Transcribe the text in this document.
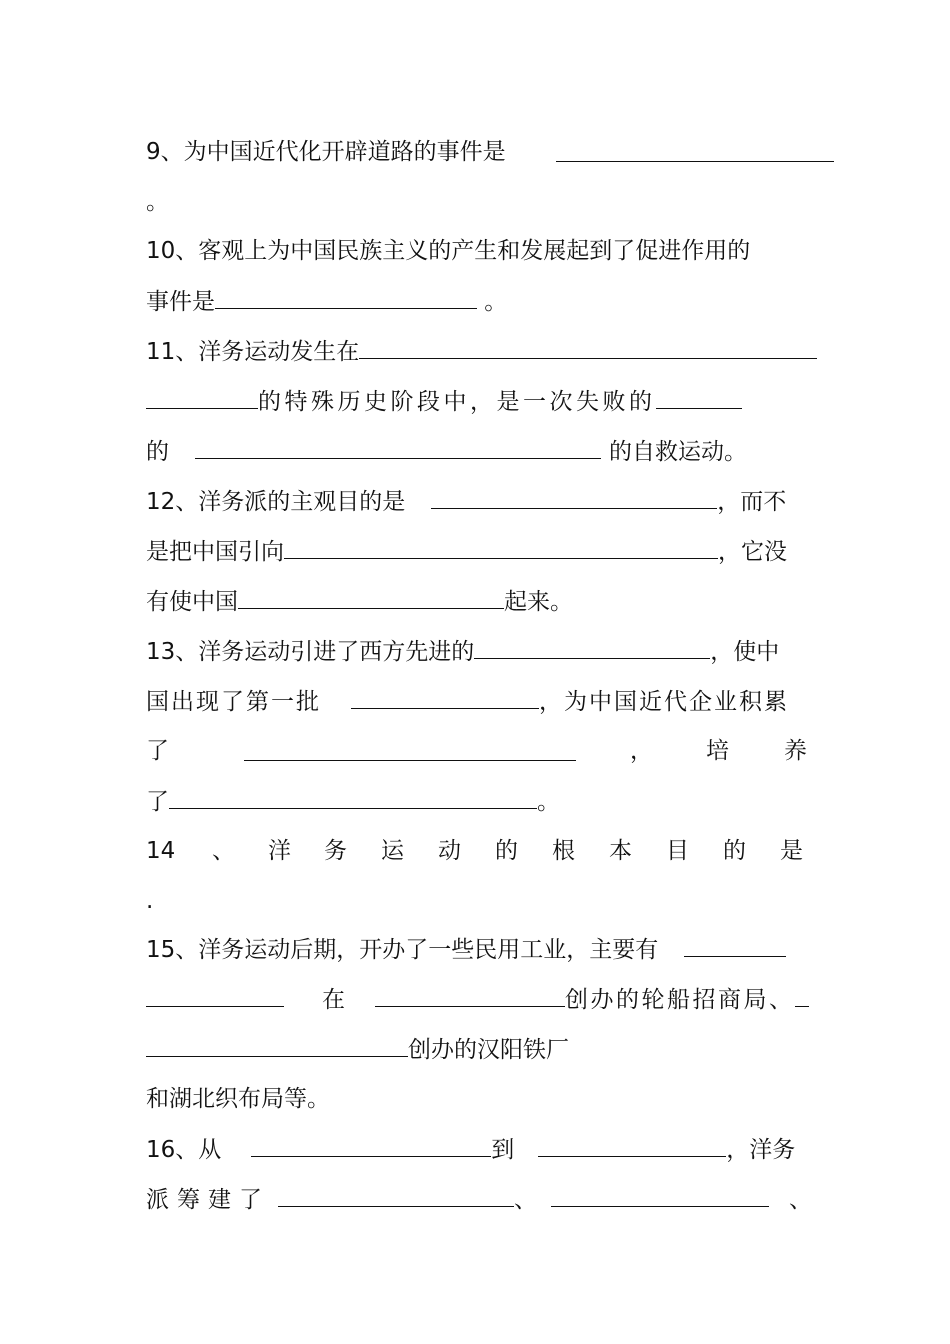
9、为中国近代化开辟道路的事件是
。
10、客观上为中国民族主义的产生和发展起到了促进作用的
事件是	。
11、洋务运动发生在
的特殊历史阶段中，是一次失败的
的	的自救运动。
12、洋务派的主观目的是	，而不
是把中国引向	，它没
有使中国	起来。
13、洋务运动引进了西方先进的	，使中
国出现了第一批	，为中国近代企业积累
了	， 培 养
了	。
14 、 洋 务 运 动 的 根 本 目 的 是
.
15、洋务运动后期，开办了一些民用工业，主要有
在	创办的轮船招商局、
创办的汉阳铁厂
和湖北织布局等。
16、从	到	，洋务
派筹建了	、	、
